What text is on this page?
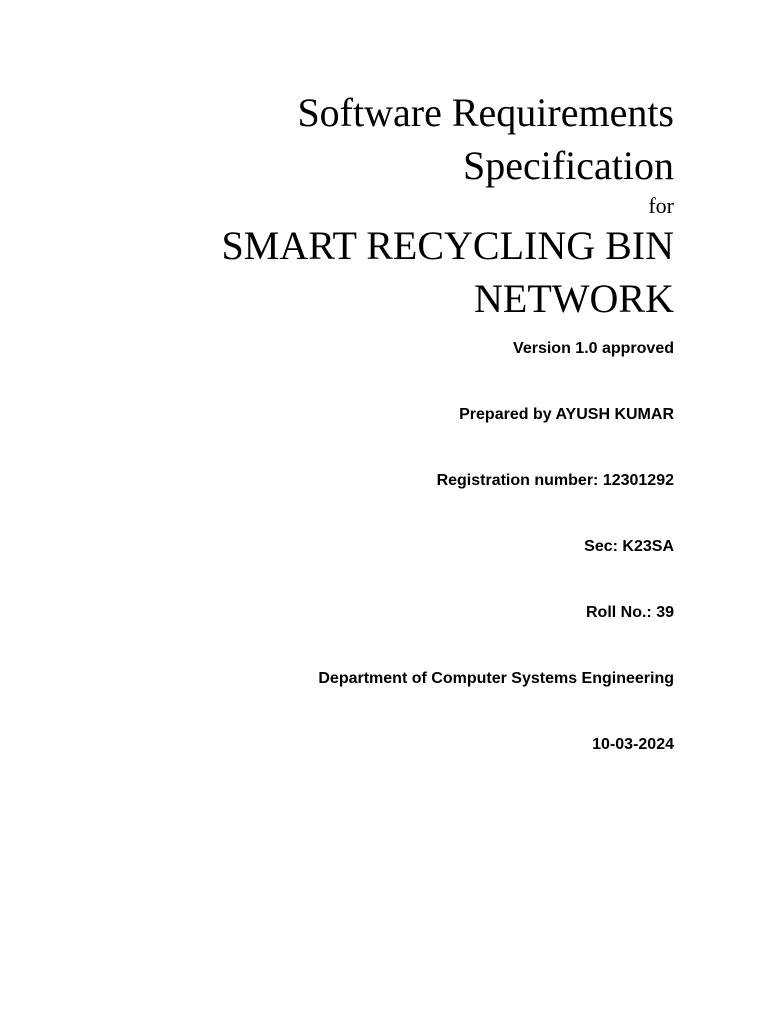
Software Requirements
Specification
for
SMART RECYCLING BIN
NETWORK
Version 1.0 approved
Prepared by AYUSH KUMAR
Registration number: 12301292
Sec: K23SA
Roll No.: 39
Department of Computer Systems Engineering
10-03-2024
